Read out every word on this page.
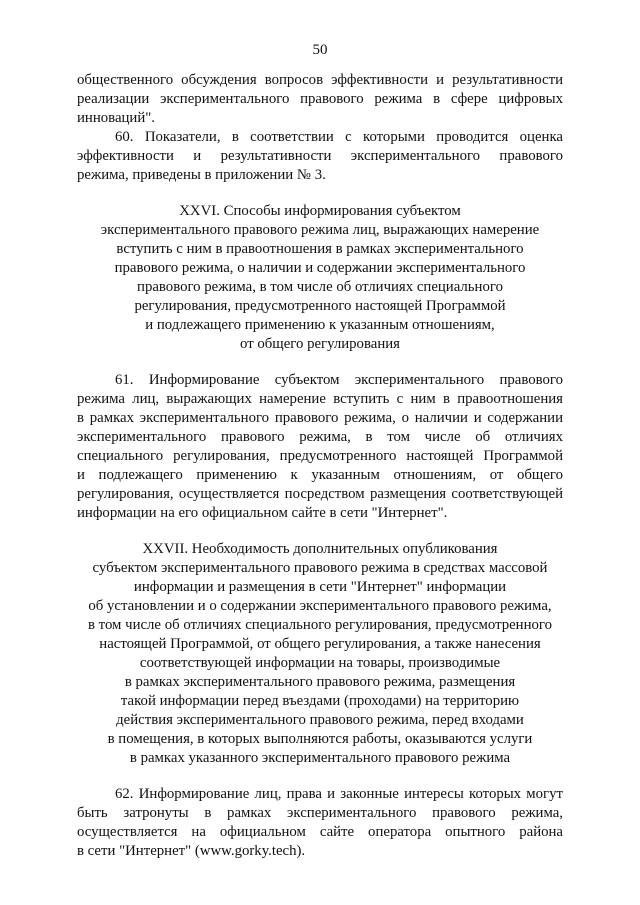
50
общественного обсуждения вопросов эффективности и результативности
реализации экспериментального правового режима в сфере цифровых
инноваций".
60. Показатели, в соответствии с которыми проводится оценка
эффективности и результативности экспериментального правового
режима, приведены в приложении № 3.
XXVI. Способы информирования субъектом
экспериментального правового режима лиц, выражающих намерение
вступить с ним в правоотношения в рамках экспериментального
правового режима, о наличии и содержании экспериментального
правового режима, в том числе об отличиях специального
регулирования, предусмотренного настоящей Программой
и подлежащего применению к указанным отношениям,
от общего регулирования
61. Информирование субъектом экспериментального правового
режима лиц, выражающих намерение вступить с ним в правоотношения
в рамках экспериментального правового режима, о наличии и содержании
экспериментального правового режима, в том числе об отличиях
специального регулирования, предусмотренного настоящей Программой
и подлежащего применению к указанным отношениям, от общего
регулирования, осуществляется посредством размещения соответствующей
информации на его официальном сайте в сети "Интернет".
XXVII. Необходимость дополнительных опубликования
субъектом экспериментального правового режима в средствах массовой
информации и размещения в сети "Интернет" информации
об установлении и о содержании экспериментального правового режима,
в том числе об отличиях специального регулирования, предусмотренного
настоящей Программой, от общего регулирования, а также нанесения
соответствующей информации на товары, производимые
в рамках экспериментального правового режима, размещения
такой информации перед въездами (проходами) на территорию
действия экспериментального правового режима, перед входами
в помещения, в которых выполняются работы, оказываются услуги
в рамках указанного экспериментального правового режима
62. Информирование лиц, права и законные интересы которых могут
быть затронуты в рамках экспериментального правового режима,
осуществляется на официальном сайте оператора опытного района
в сети "Интернет" (www.gorky.tech).
